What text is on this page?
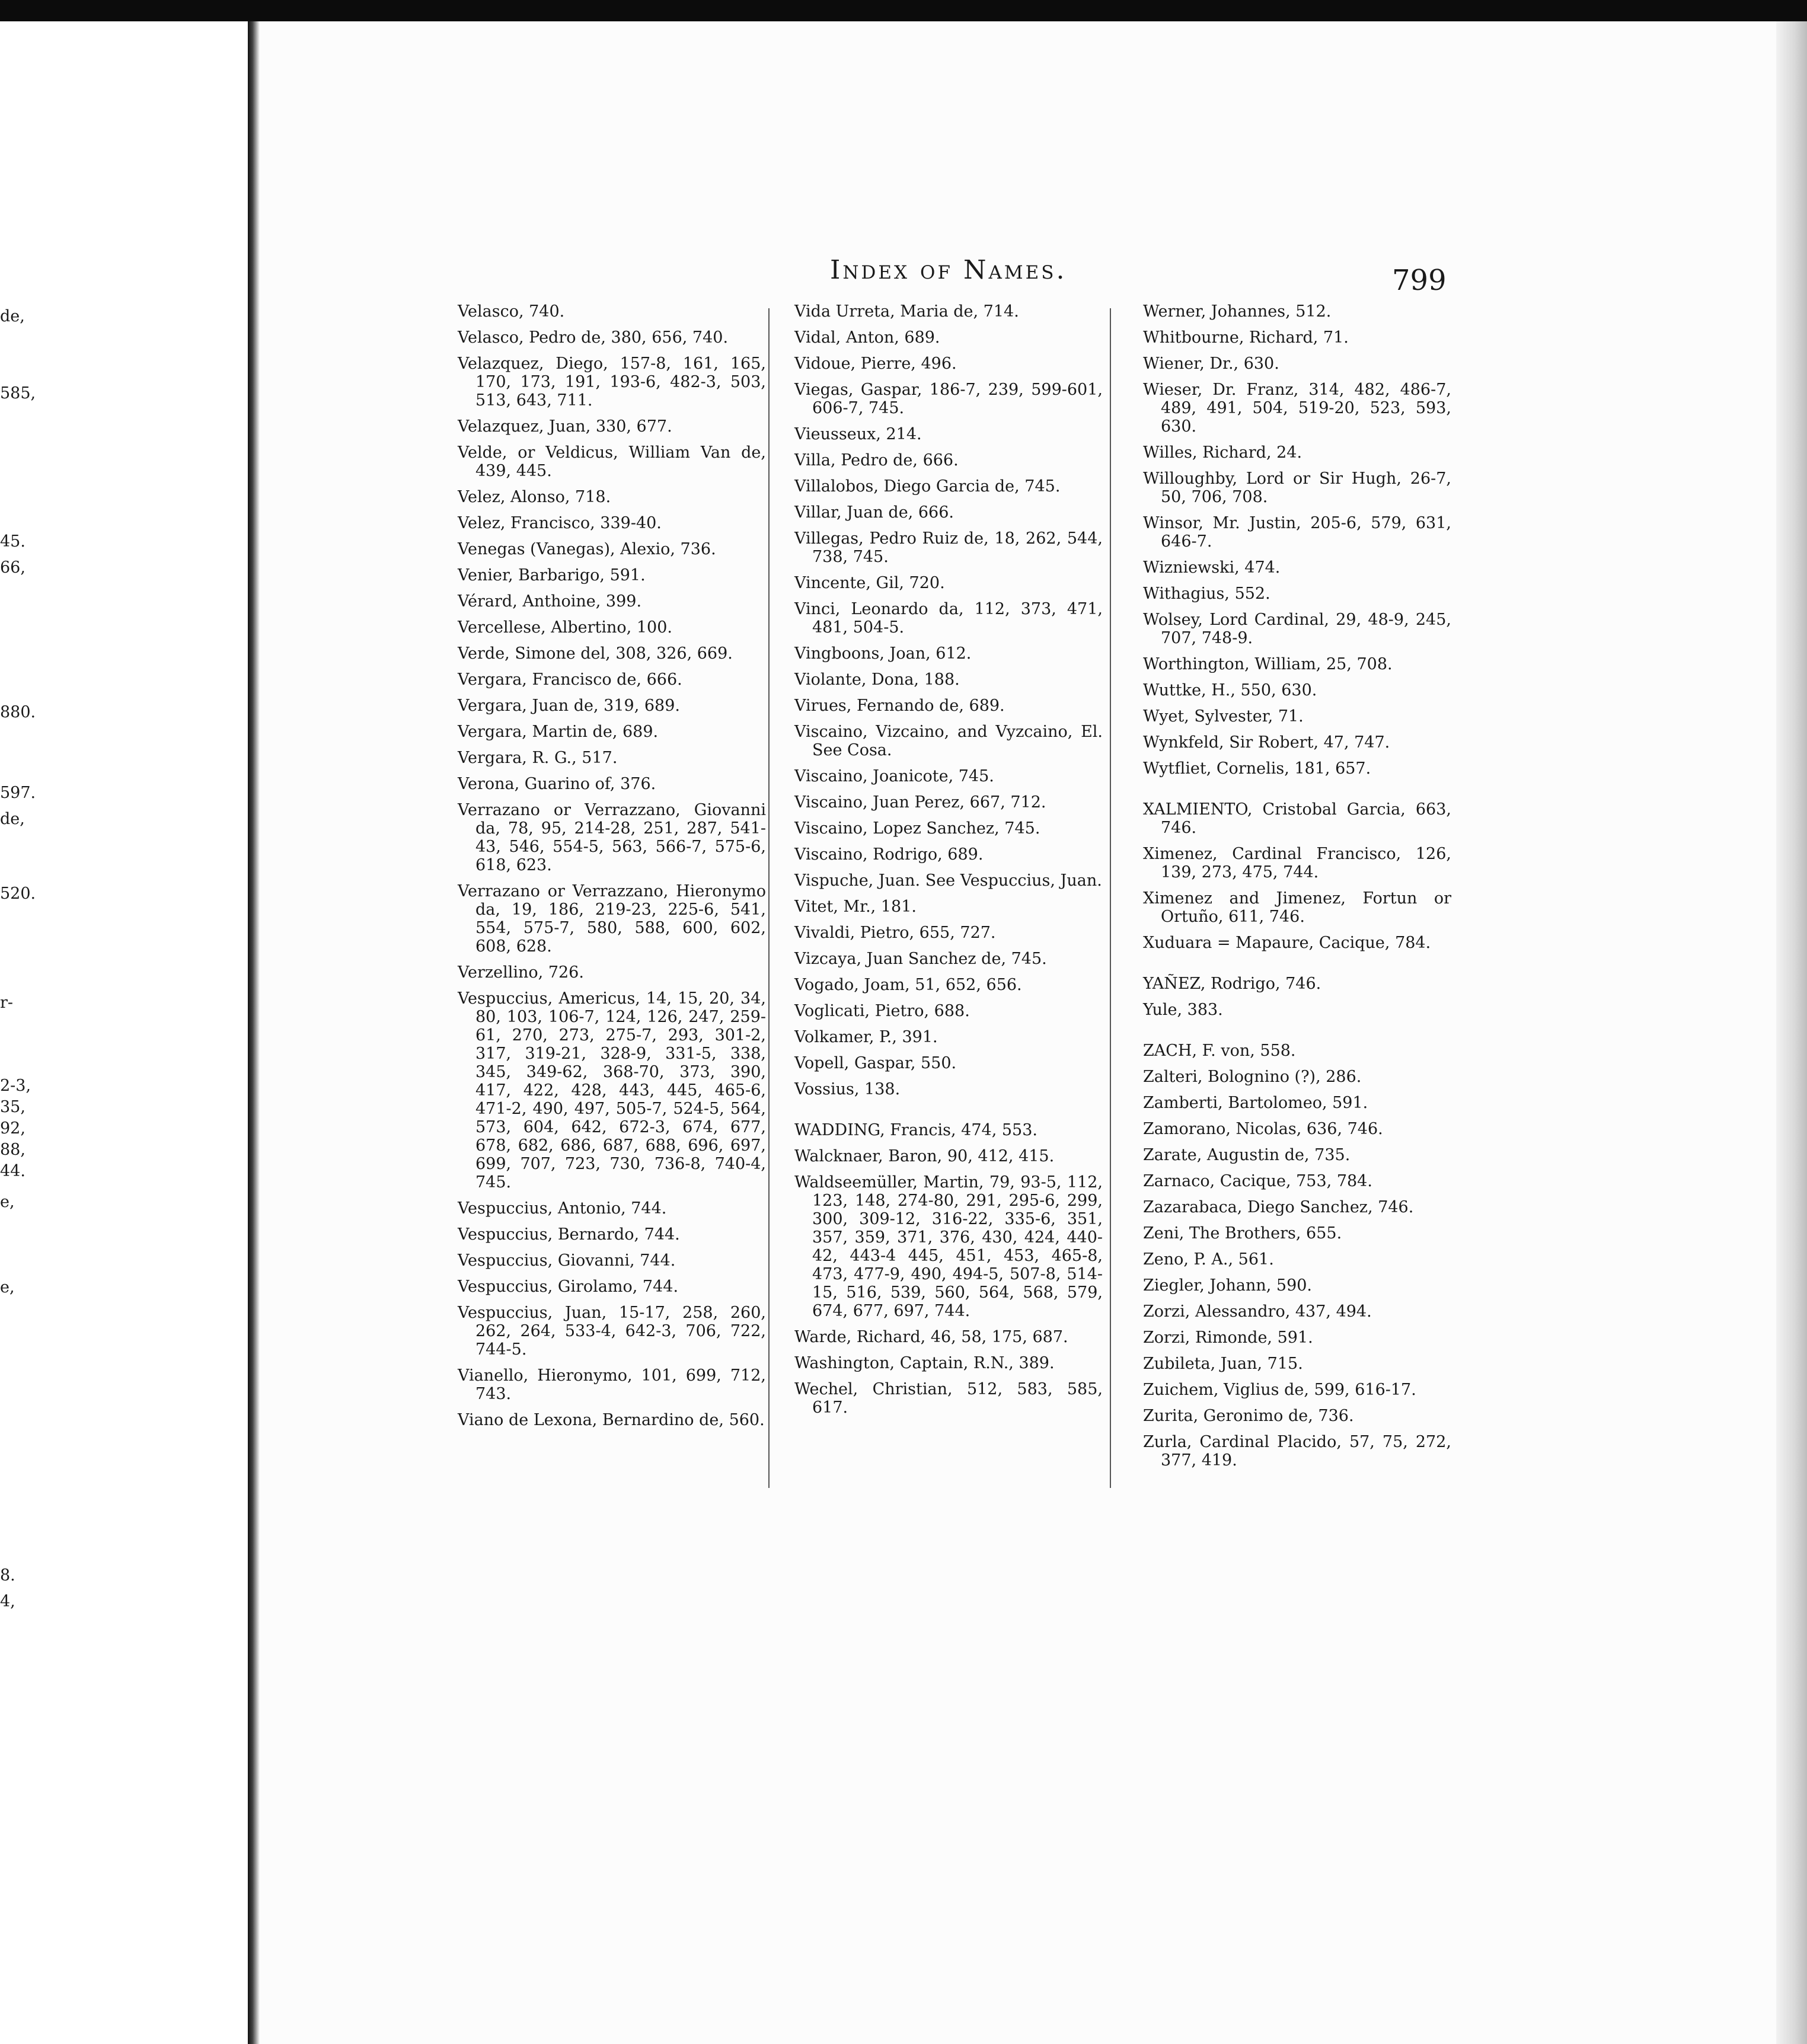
de,
585,
45.
66,
880.
597.
de,
520.
r-
2-3,
35,
92,
88,
44.
e,
e,
8.
4,
Index of Names.	799
Velasco, 740.
Velasco, Pedro de, 380, 656, 740.
Velazquez, Diego, 157-8, 161, 165, 170, 173, 191, 193-6, 482-3, 503, 513, 643, 711.
Velazquez, Juan, 330, 677.
Velde, or Veldicus, William Van de, 439, 445.
Velez, Alonso, 718.
Velez, Francisco, 339-40.
Venegas (Vanegas), Alexio, 736.
Venier, Barbarigo, 591.
Vérard, Anthoine, 399.
Vercellese, Albertino, 100.
Verde, Simone del, 308, 326, 669.
Vergara, Francisco de, 666.
Vergara, Juan de, 319, 689.
Vergara, Martin de, 689.
Vergara, R. G., 517.
Verona, Guarino of, 376.
Verrazano or Verrazzano, Giovanni da, 78, 95, 214-28, 251, 287, 541-43, 546, 554-5, 563, 566-7, 575-6, 618, 623.
Verrazano or Verrazzano, Hieronymo da, 19, 186, 219-23, 225-6, 541, 554, 575-7, 580, 588, 600, 602, 608, 628.
Verzellino, 726.
Vespuccius, Americus, 14, 15, 20, 34, 80, 103, 106-7, 124, 126, 247, 259-61, 270, 273, 275-7, 293, 301-2, 317, 319-21, 328-9, 331-5, 338, 345, 349-62, 368-70, 373, 390, 417, 422, 428, 443, 445, 465-6, 471-2, 490, 497, 505-7, 524-5, 564, 573, 604, 642, 672-3, 674, 677, 678, 682, 686, 687, 688, 696, 697, 699, 707, 723, 730, 736-8, 740-4, 745.
Vespuccius, Antonio, 744.
Vespuccius, Bernardo, 744.
Vespuccius, Giovanni, 744.
Vespuccius, Girolamo, 744.
Vespuccius, Juan, 15-17, 258, 260, 262, 264, 533-4, 642-3, 706, 722, 744-5.
Vianello, Hieronymo, 101, 699, 712, 743.
Viano de Lexona, Bernardino de, 560.
Vida Urreta, Maria de, 714.
Vidal, Anton, 689.
Vidoue, Pierre, 496.
Viegas, Gaspar, 186-7, 239, 599-601, 606-7, 745.
Vieusseux, 214.
Villa, Pedro de, 666.
Villalobos, Diego Garcia de, 745.
Villar, Juan de, 666.
Villegas, Pedro Ruiz de, 18, 262, 544, 738, 745.
Vincente, Gil, 720.
Vinci, Leonardo da, 112, 373, 471, 481, 504-5.
Vingboons, Joan, 612.
Violante, Dona, 188.
Virues, Fernando de, 689.
Viscaino, Vizcaino, and Vyzcaino, El. See Cosa.
Viscaino, Joanicote, 745.
Viscaino, Juan Perez, 667, 712.
Viscaino, Lopez Sanchez, 745.
Viscaino, Rodrigo, 689.
Vispuche, Juan. See Vespuccius, Juan.
Vitet, Mr., 181.
Vivaldi, Pietro, 655, 727.
Vizcaya, Juan Sanchez de, 745.
Vogado, Joam, 51, 652, 656.
Voglicati, Pietro, 688.
Volkamer, P., 391.
Vopell, Gaspar, 550.
Vossius, 138.
WADDING, Francis, 474, 553.
Walcknaer, Baron, 90, 412, 415.
Waldseemüller, Martin, 79, 93-5, 112, 123, 148, 274-80, 291, 295-6, 299, 300, 309-12, 316-22, 335-6, 351, 357, 359, 371, 376, 430, 424, 440-42, 443-4 445, 451, 453, 465-8, 473, 477-9, 490, 494-5, 507-8, 514-15, 516, 539, 560, 564, 568, 579, 674, 677, 697, 744.
Warde, Richard, 46, 58, 175, 687.
Washington, Captain, R.N., 389.
Wechel, Christian, 512, 583, 585, 617.
Werner, Johannes, 512.
Whitbourne, Richard, 71.
Wiener, Dr., 630.
Wieser, Dr. Franz, 314, 482, 486-7, 489, 491, 504, 519-20, 523, 593, 630.
Willes, Richard, 24.
Willoughby, Lord or Sir Hugh, 26-7, 50, 706, 708.
Winsor, Mr. Justin, 205-6, 579, 631, 646-7.
Wizniewski, 474.
Withagius, 552.
Wolsey, Lord Cardinal, 29, 48-9, 245, 707, 748-9.
Worthington, William, 25, 708.
Wuttke, H., 550, 630.
Wyet, Sylvester, 71.
Wynkfeld, Sir Robert, 47, 747.
Wytfliet, Cornelis, 181, 657.
XALMIENTO, Cristobal Garcia, 663, 746.
Ximenez, Cardinal Francisco, 126, 139, 273, 475, 744.
Ximenez and Jimenez, Fortun or Ortuño, 611, 746.
Xuduara = Mapaure, Cacique, 784.
YAÑEZ, Rodrigo, 746.
Yule, 383.
ZACH, F. von, 558.
Zalteri, Bolognino (?), 286.
Zamberti, Bartolomeo, 591.
Zamorano, Nicolas, 636, 746.
Zarate, Augustin de, 735.
Zarnaco, Cacique, 753, 784.
Zazarabaca, Diego Sanchez, 746.
Zeni, The Brothers, 655.
Zeno, P. A., 561.
Ziegler, Johann, 590.
Zorzi, Alessandro, 437, 494.
Zorzi, Rimonde, 591.
Zubileta, Juan, 715.
Zuichem, Viglius de, 599, 616-17.
Zurita, Geronimo de, 736.
Zurla, Cardinal Placido, 57, 75, 272, 377, 419.
